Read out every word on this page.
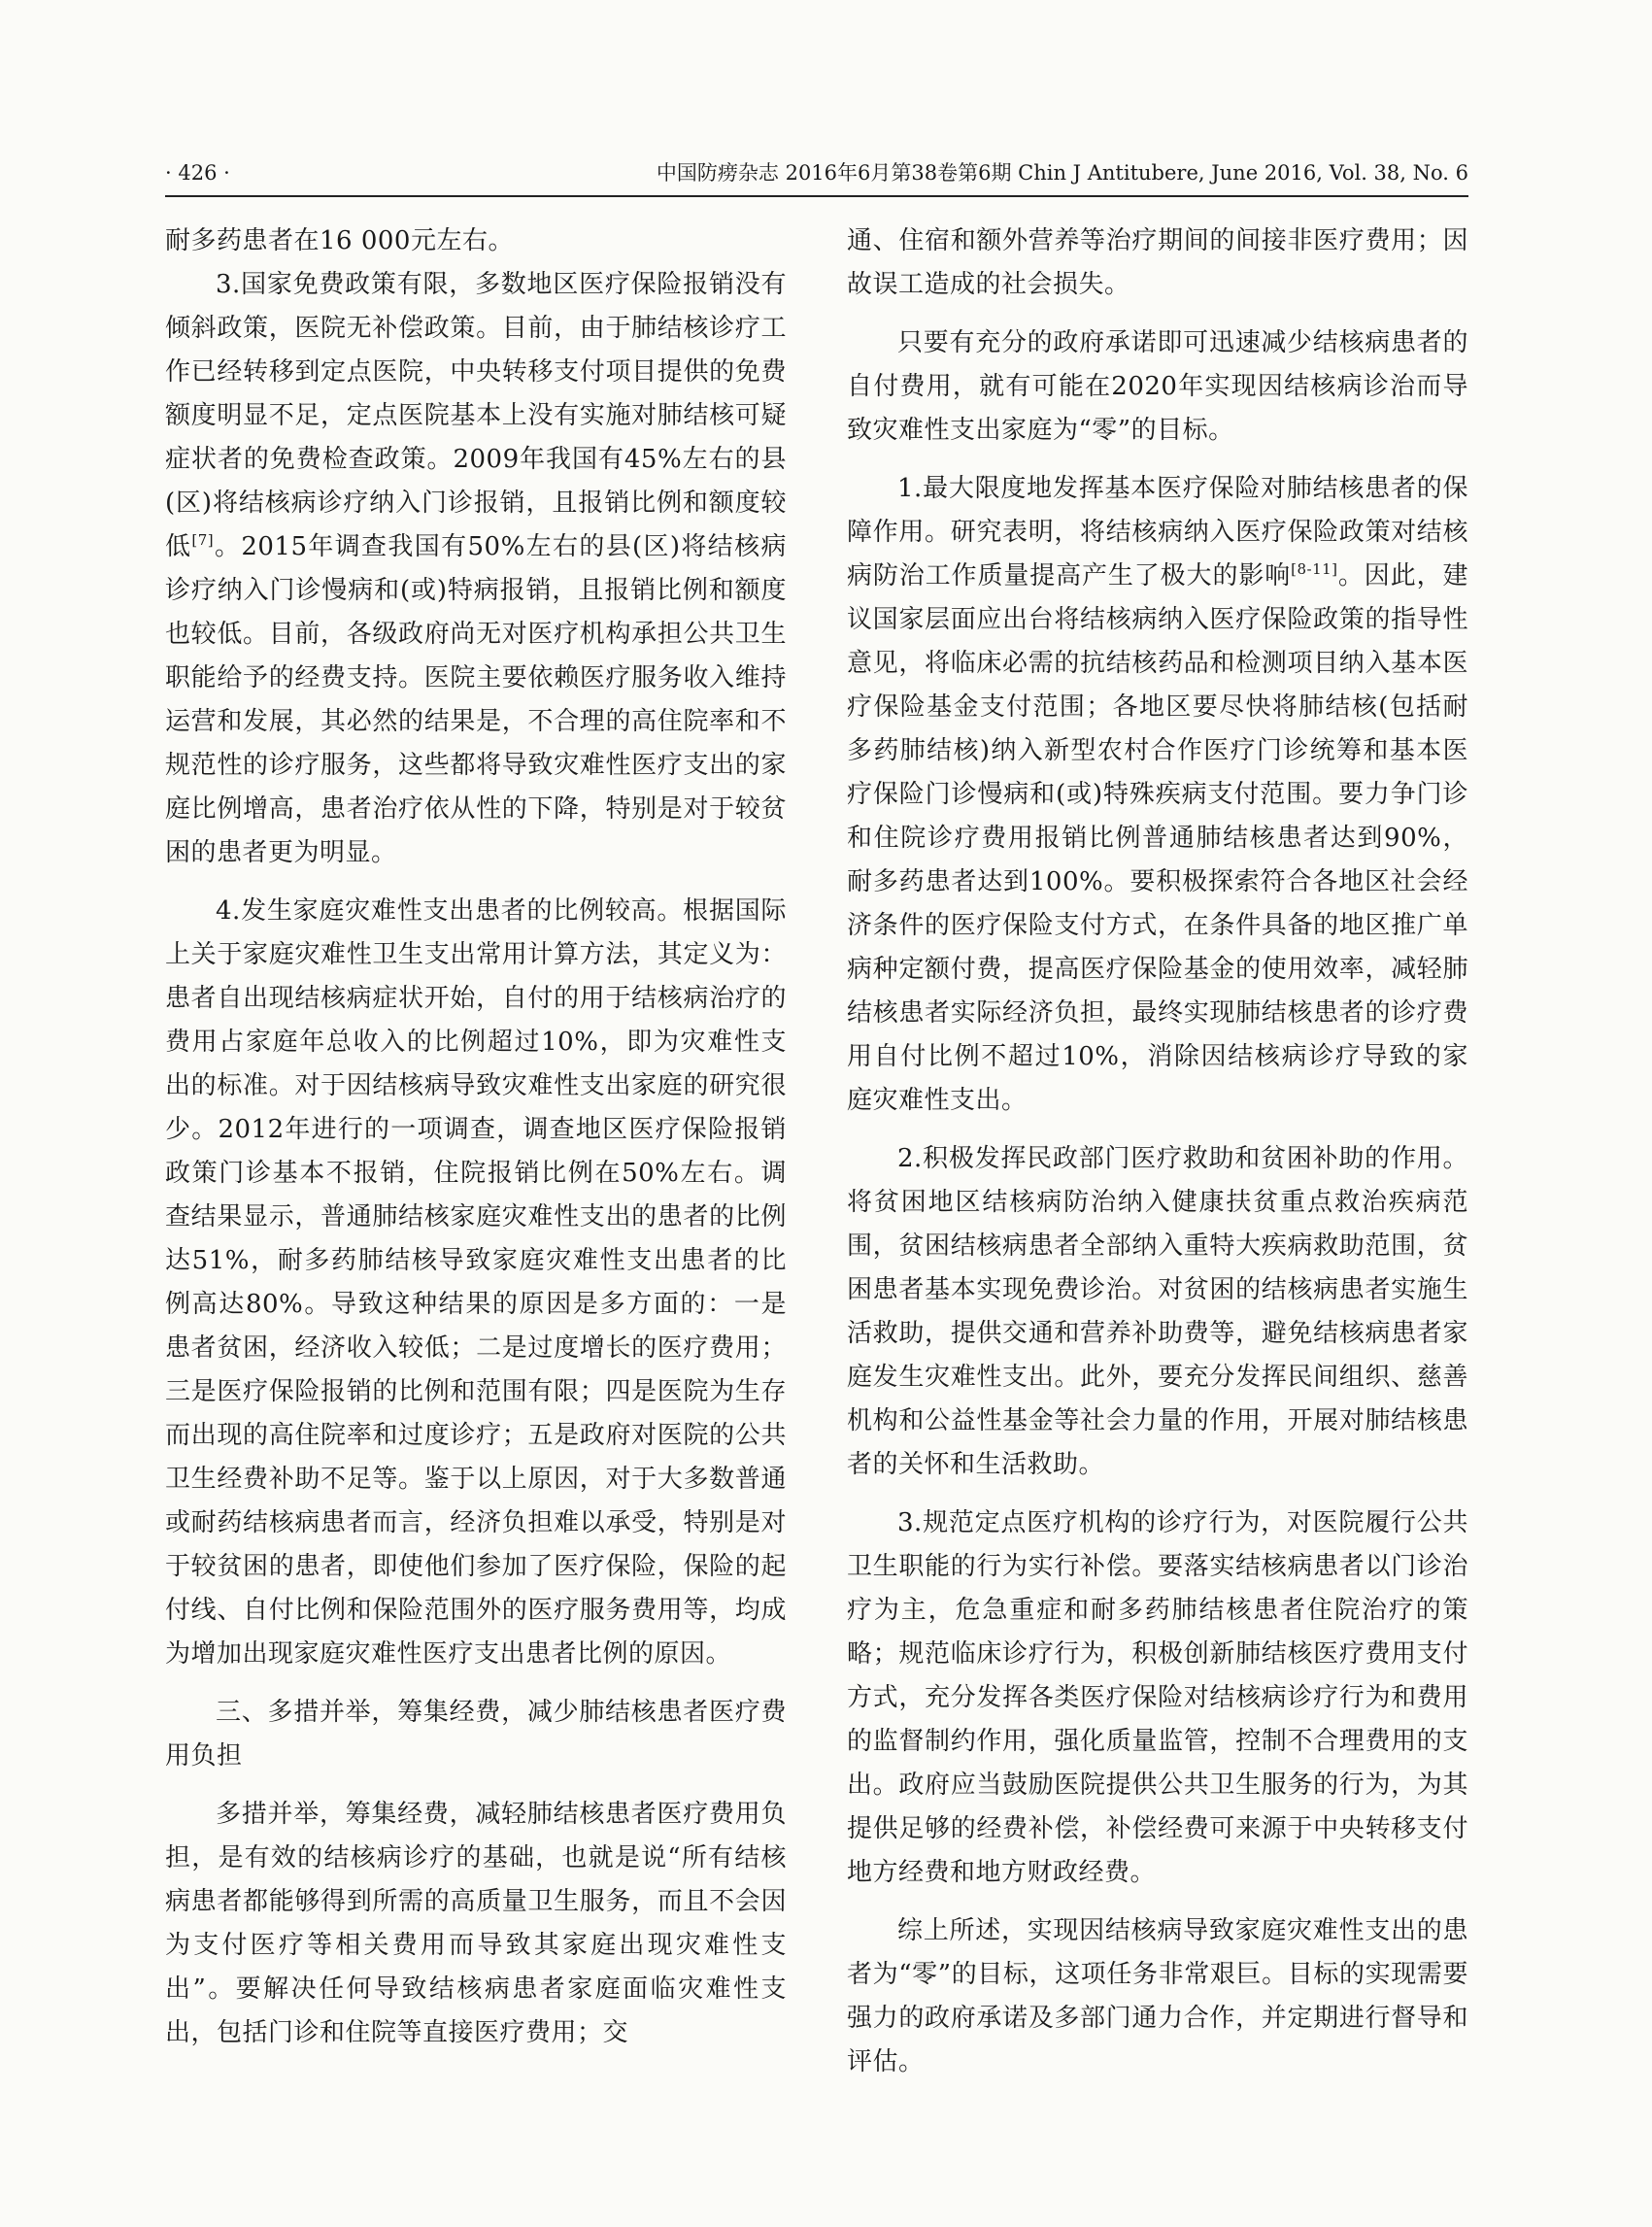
· 426 ·	中国防痨杂志 2016年6月第38卷第6期 Chin J Antitubere, June 2016, Vol. 38, No. 6

耐多药患者在16 000元左右。

3.国家免费政策有限，多数地区医疗保险报销没有倾斜政策，医院无补偿政策。目前，由于肺结核诊疗工作已经转移到定点医院，中央转移支付项目提供的免费额度明显不足，定点医院基本上没有实施对肺结核可疑症状者的免费检查政策。2009年我国有45%左右的县(区)将结核病诊疗纳入门诊报销，且报销比例和额度较低[7]。2015年调查我国有50%左右的县(区)将结核病诊疗纳入门诊慢病和(或)特病报销，且报销比例和额度也较低。目前，各级政府尚无对医疗机构承担公共卫生职能给予的经费支持。医院主要依赖医疗服务收入维持运营和发展，其必然的结果是，不合理的高住院率和不规范性的诊疗服务，这些都将导致灾难性医疗支出的家庭比例增高，患者治疗依从性的下降，特别是对于较贫困的患者更为明显。

4.发生家庭灾难性支出患者的比例较高。根据国际上关于家庭灾难性卫生支出常用计算方法，其定义为：患者自出现结核病症状开始，自付的用于结核病治疗的费用占家庭年总收入的比例超过10%，即为灾难性支出的标准。对于因结核病导致灾难性支出家庭的研究很少。2012年进行的一项调查，调查地区医疗保险报销政策门诊基本不报销，住院报销比例在50%左右。调查结果显示，普通肺结核家庭灾难性支出的患者的比例达51%，耐多药肺结核导致家庭灾难性支出患者的比例高达80%。导致这种结果的原因是多方面的：一是患者贫困，经济收入较低；二是过度增长的医疗费用；三是医疗保险报销的比例和范围有限；四是医院为生存而出现的高住院率和过度诊疗；五是政府对医院的公共卫生经费补助不足等。鉴于以上原因，对于大多数普通或耐药结核病患者而言，经济负担难以承受，特别是对于较贫困的患者，即使他们参加了医疗保险，保险的起付线、自付比例和保险范围外的医疗服务费用等，均成为增加出现家庭灾难性医疗支出患者比例的原因。

三、多措并举，筹集经费，减少肺结核患者医疗费用负担

多措并举，筹集经费，减轻肺结核患者医疗费用负担，是有效的结核病诊疗的基础，也就是说“所有结核病患者都能够得到所需的高质量卫生服务，而且不会因为支付医疗等相关费用而导致其家庭出现灾难性支出”。要解决任何导致结核病患者家庭面临灾难性支出，包括门诊和住院等直接医疗费用；交

通、住宿和额外营养等治疗期间的间接非医疗费用；因故误工造成的社会损失。

只要有充分的政府承诺即可迅速减少结核病患者的自付费用，就有可能在2020年实现因结核病诊治而导致灾难性支出家庭为“零”的目标。

1.最大限度地发挥基本医疗保险对肺结核患者的保障作用。研究表明，将结核病纳入医疗保险政策对结核病防治工作质量提高产生了极大的影响[8-11]。因此，建议国家层面应出台将结核病纳入医疗保险政策的指导性意见，将临床必需的抗结核药品和检测项目纳入基本医疗保险基金支付范围；各地区要尽快将肺结核(包括耐多药肺结核)纳入新型农村合作医疗门诊统筹和基本医疗保险门诊慢病和(或)特殊疾病支付范围。要力争门诊和住院诊疗费用报销比例普通肺结核患者达到90%，耐多药患者达到100%。要积极探索符合各地区社会经济条件的医疗保险支付方式，在条件具备的地区推广单病种定额付费，提高医疗保险基金的使用效率，减轻肺结核患者实际经济负担，最终实现肺结核患者的诊疗费用自付比例不超过10%，消除因结核病诊疗导致的家庭灾难性支出。

2.积极发挥民政部门医疗救助和贫困补助的作用。将贫困地区结核病防治纳入健康扶贫重点救治疾病范围，贫困结核病患者全部纳入重特大疾病救助范围，贫困患者基本实现免费诊治。对贫困的结核病患者实施生活救助，提供交通和营养补助费等，避免结核病患者家庭发生灾难性支出。此外，要充分发挥民间组织、慈善机构和公益性基金等社会力量的作用，开展对肺结核患者的关怀和生活救助。

3.规范定点医疗机构的诊疗行为，对医院履行公共卫生职能的行为实行补偿。要落实结核病患者以门诊治疗为主，危急重症和耐多药肺结核患者住院治疗的策略；规范临床诊疗行为，积极创新肺结核医疗费用支付方式，充分发挥各类医疗保险对结核病诊疗行为和费用的监督制约作用，强化质量监管，控制不合理费用的支出。政府应当鼓励医院提供公共卫生服务的行为，为其提供足够的经费补偿，补偿经费可来源于中央转移支付地方经费和地方财政经费。

综上所述，实现因结核病导致家庭灾难性支出的患者为“零”的目标，这项任务非常艰巨。目标的实现需要强力的政府承诺及多部门通力合作，并定期进行督导和评估。
